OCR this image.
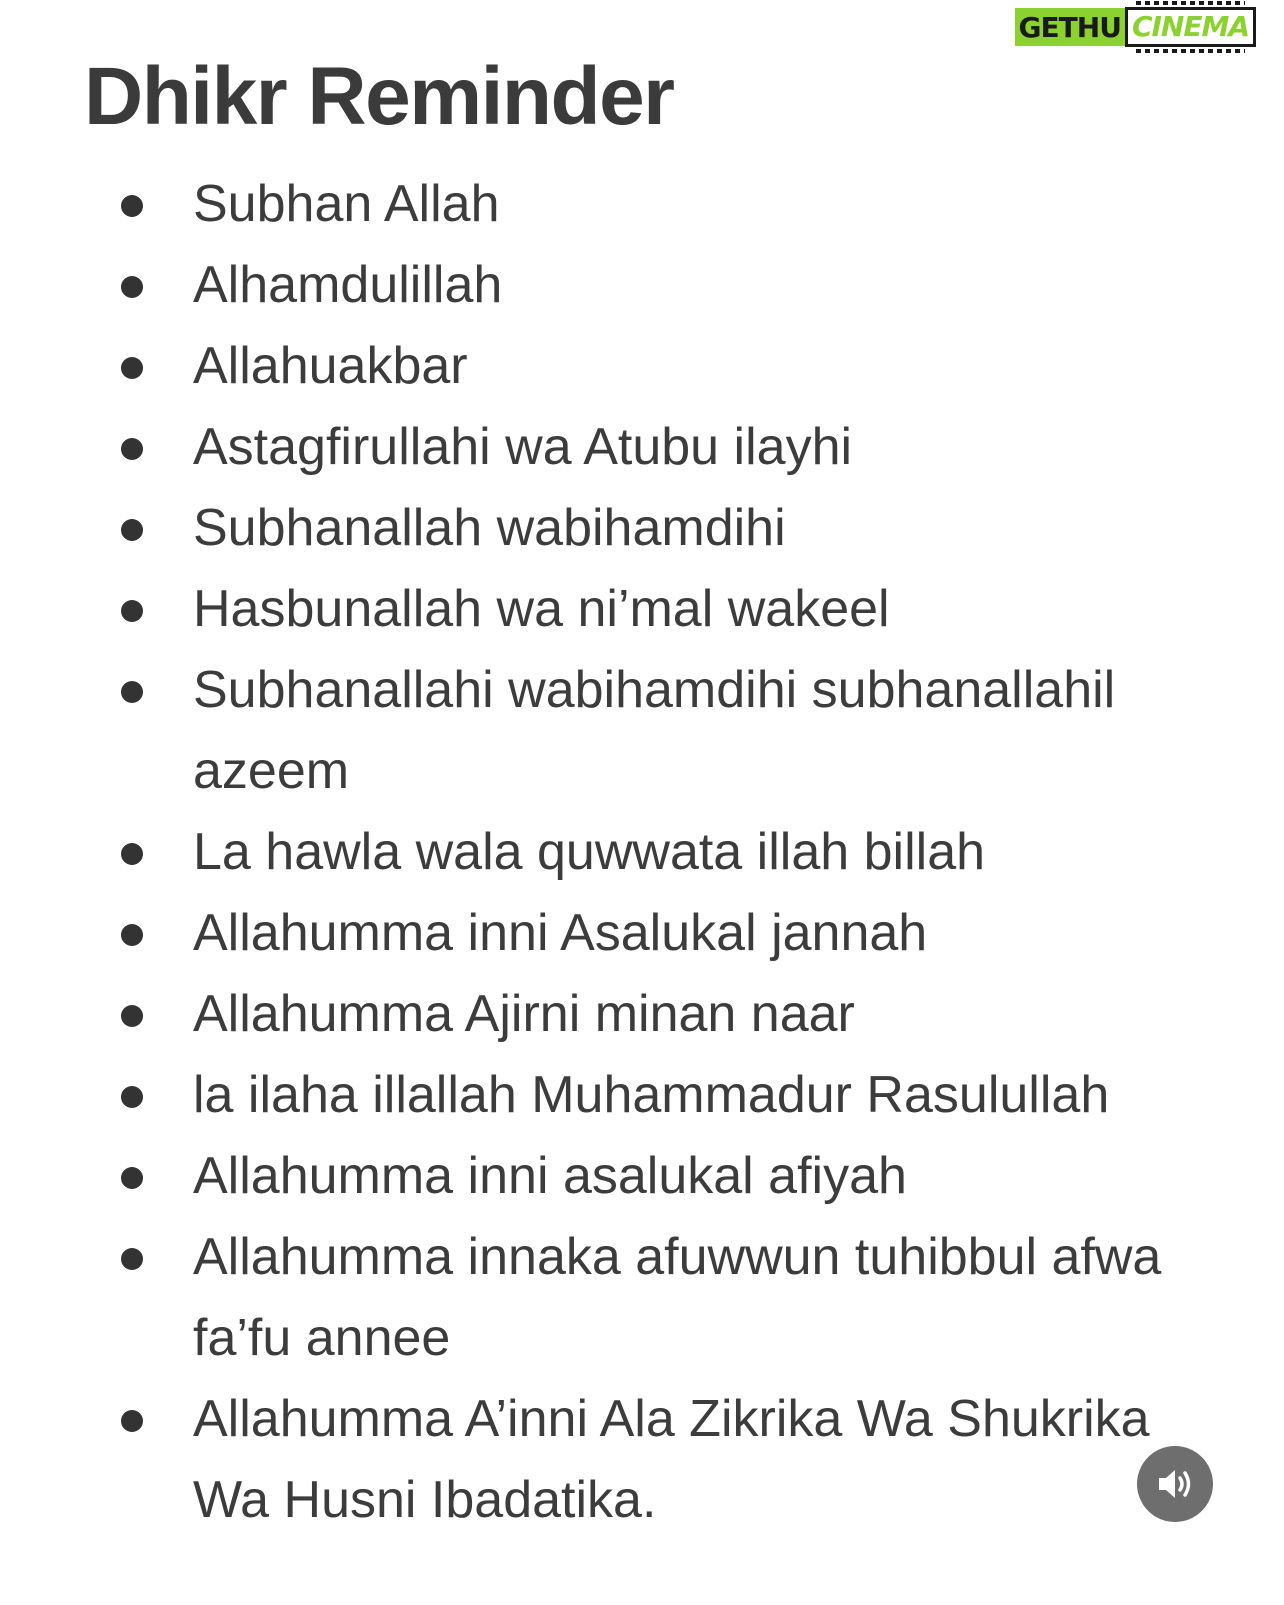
GETHU CINEMA
Dhikr Reminder
Subhan Allah
Alhamdulillah
Allahuakbar
Astagfirullahi wa Atubu ilayhi
Subhanallah wabihamdihi
Hasbunallah wa ni’mal wakeel
Subhanallahi wabihamdihi subhanallahil azeem
La hawla wala quwwata illah billah
Allahumma inni Asalukal jannah
Allahumma Ajirni minan naar
la ilaha illallah Muhammadur Rasulullah
Allahumma inni asalukal afiyah
Allahumma innaka afuwwun tuhibbul afwa fa’fu annee
Allahumma A’inni Ala Zikrika Wa Shukrika Wa Husni Ibadatika.
